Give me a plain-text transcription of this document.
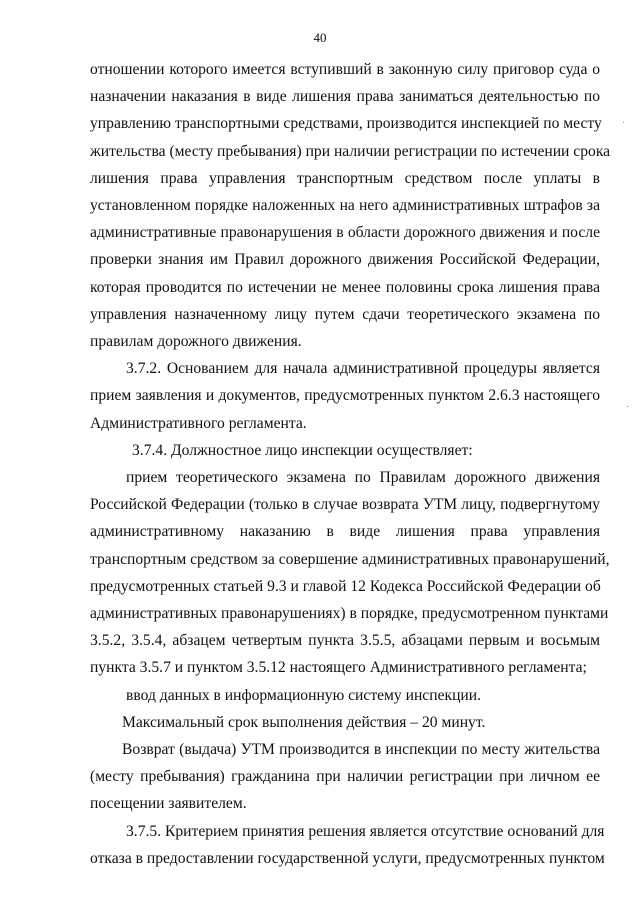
40

отношении которого имеется вступивший в законную силу приговор суда о

назначении наказания в виде лишения права заниматься деятельностью по

управлению транспортными средствами, производится инспекцией по месту

жительства (месту пребывания) при наличии регистрации по истечении срока

лишения права управления транспортным средством после уплаты в

установленном порядке наложенных на него административных штрафов за

административные правонарушения в области дорожного движения и после

проверки знания им Правил дорожного движения Российской Федерации,

которая проводится по истечении не менее половины срока лишения права

управления назначенному лицу путем сдачи теоретического экзамена по

правилам дорожного движения.

3.7.2. Основанием для начала административной процедуры является

прием заявления и документов, предусмотренных пунктом 2.6.3 настоящего

Административного регламента.

3.7.4. Должностное лицо инспекции осуществляет:

прием теоретического экзамена по Правилам дорожного движения

Российской Федерации (только в случае возврата УТМ лицу, подвергнутому

административному наказанию в виде лишения права управления

транспортным средством за совершение административных правонарушений,

предусмотренных статьей 9.3 и главой 12 Кодекса Российской Федерации об

административных правонарушениях) в порядке, предусмотренном пунктами

3.5.2, 3.5.4, абзацем четвертым пункта 3.5.5, абзацами первым и восьмым

пункта 3.5.7 и пунктом 3.5.12 настоящего Административного регламента;

ввод данных в информационную систему инспекции.

Максимальный срок выполнения действия – 20 минут.

Возврат (выдача) УТМ производится в инспекции по месту жительства

(месту пребывания) гражданина при наличии регистрации при личном ее

посещении заявителем.

3.7.5. Критерием принятия решения является отсутствие оснований для

отказа в предоставлении государственной услуги, предусмотренных пунктом

·
·
